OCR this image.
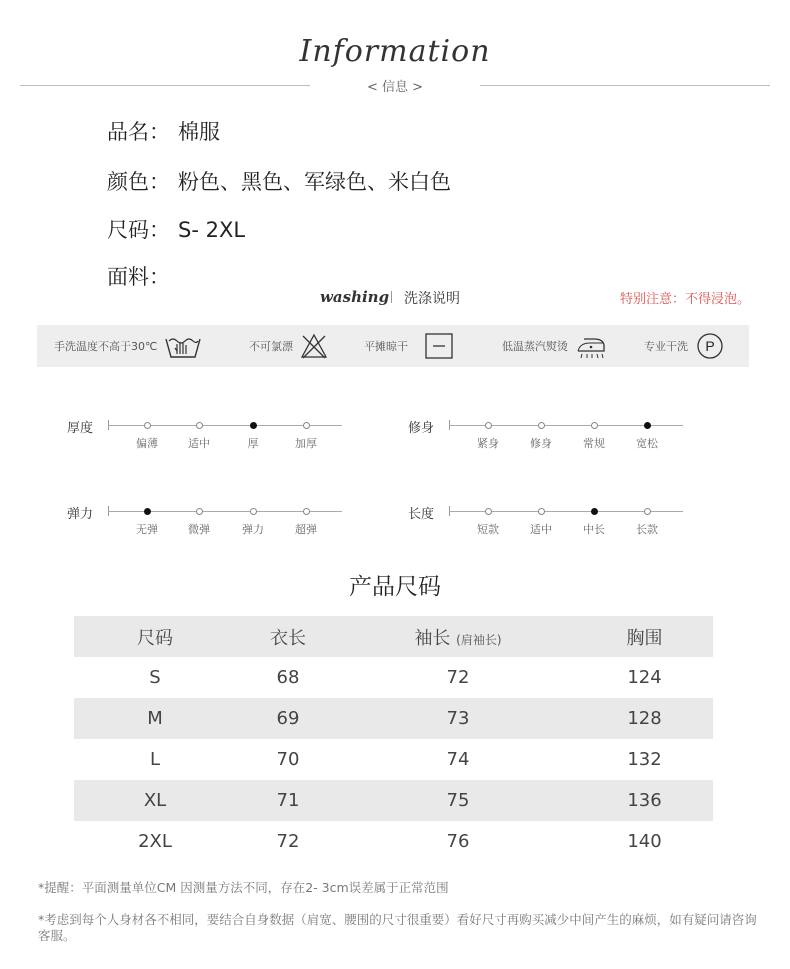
Information
< 信息 >
品名： 棉服
颜色： 粉色、黑色、军绿色、米白色
尺码： S- 2XL
面料：
washing 洗涤说明	特别注意：不得浸泡。
手洗温度不高于30℃	不可氯漂	平摊晾干	低温蒸汽熨烫	专业干洗 P
厚度
偏薄	适中	厚	加厚
修身
紧身	修身	常规	宽松
弹力
无弹	微弹	弹力	超弹
长度
短款	适中	中长	长款
产品尺码
尺码	衣长	袖长 (肩袖长)	胸围
S	68	72	124
M	69	73	128
L	70	74	132
XL	71	75	136
2XL	72	76	140
*提醒：平面测量单位CM 因测量方法不同，存在2- 3cm误差属于正常范围
*考虑到每个人身材各不相同，要结合自身数据（肩宽、腰围的尺寸很重要）看好尺寸再购买减少中间产生的麻烦，如有疑问请咨询客服。
